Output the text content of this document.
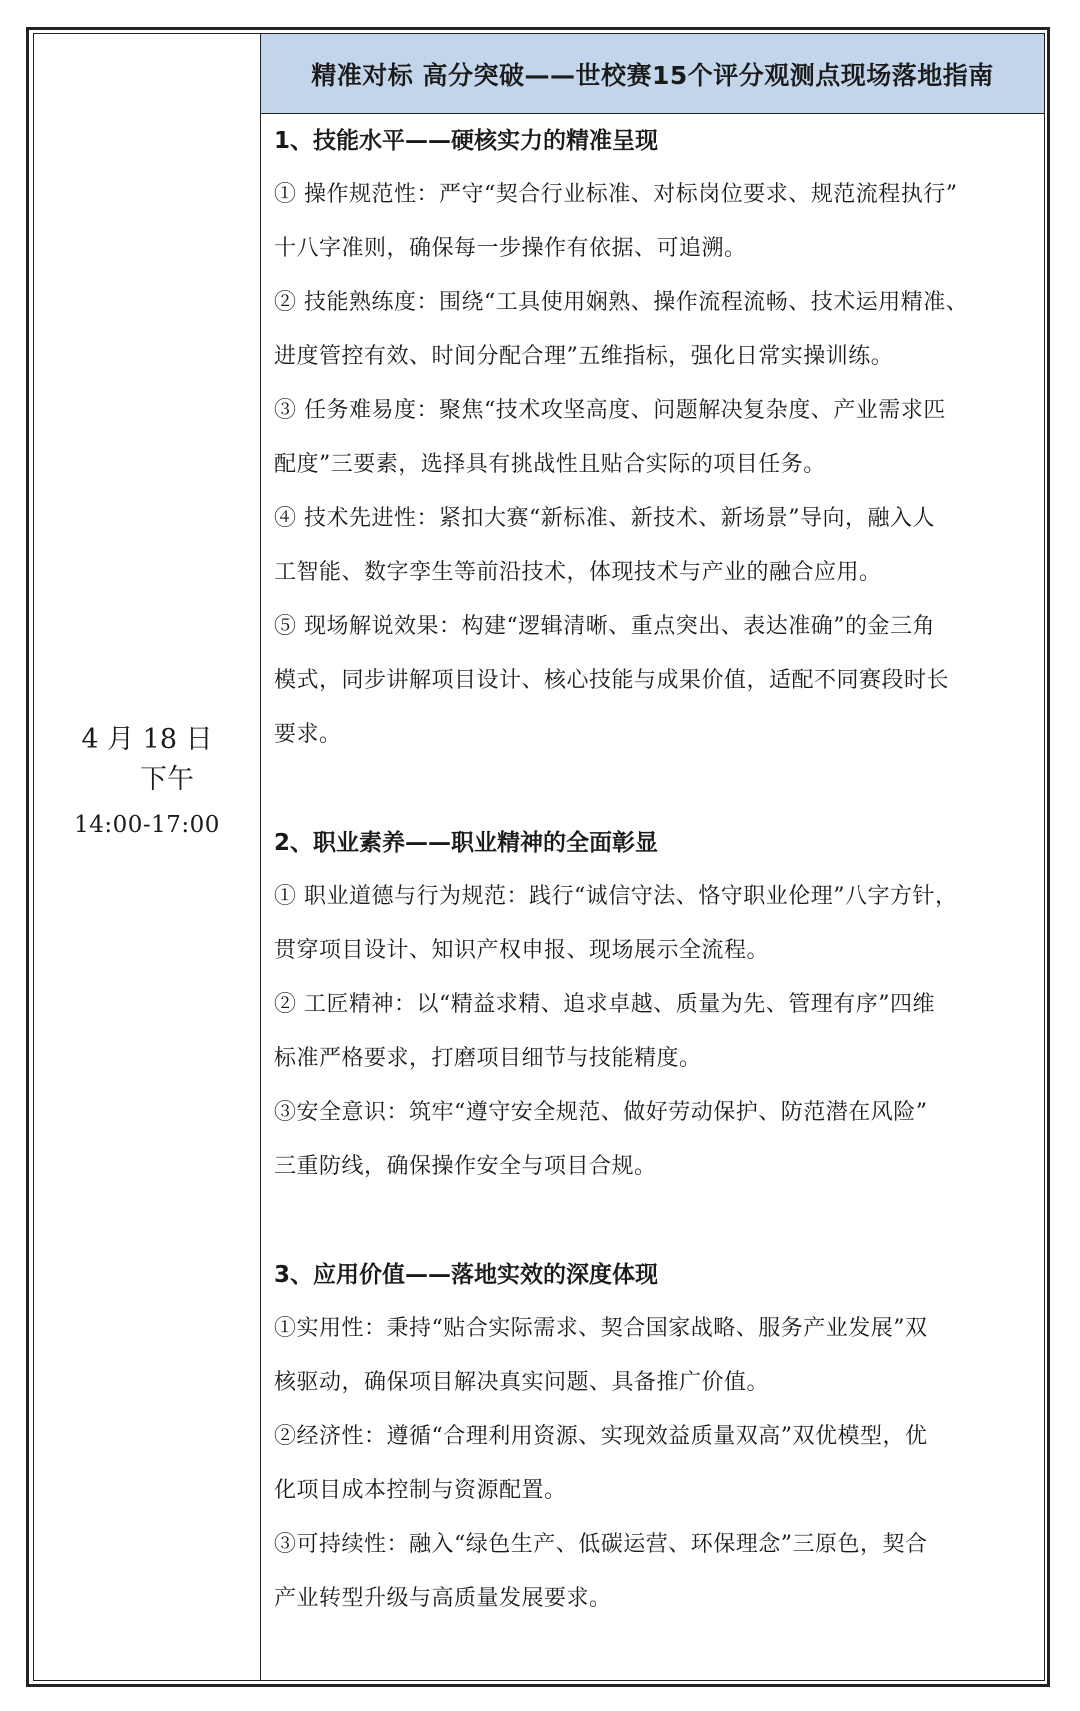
精准对标 高分突破——世校赛15个评分观测点现场落地指南
4 月 18 日
下午
14:00-17:00
1、技能水平——硬核实力的精准呈现
① 操作规范性：严守“契合行业标准、对标岗位要求、规范流程执行”
十八字准则，确保每一步操作有依据、可追溯。
② 技能熟练度：围绕“工具使用娴熟、操作流程流畅、技术运用精准、
进度管控有效、时间分配合理”五维指标，强化日常实操训练。
③ 任务难易度：聚焦“技术攻坚高度、问题解决复杂度、产业需求匹
配度”三要素，选择具有挑战性且贴合实际的项目任务。
④ 技术先进性：紧扣大赛“新标准、新技术、新场景”导向，融入人
工智能、数字孪生等前沿技术，体现技术与产业的融合应用。
⑤ 现场解说效果：构建“逻辑清晰、重点突出、表达准确”的金三角
模式，同步讲解项目设计、核心技能与成果价值，适配不同赛段时长
要求。
2、职业素养——职业精神的全面彰显
① 职业道德与行为规范：践行“诚信守法、恪守职业伦理”八字方针，
贯穿项目设计、知识产权申报、现场展示全流程。
② 工匠精神：以“精益求精、追求卓越、质量为先、管理有序”四维
标准严格要求，打磨项目细节与技能精度。
③安全意识：筑牢“遵守安全规范、做好劳动保护、防范潜在风险”
三重防线，确保操作安全与项目合规。
3、应用价值——落地实效的深度体现
①实用性：秉持“贴合实际需求、契合国家战略、服务产业发展”双
核驱动，确保项目解决真实问题、具备推广价值。
②经济性：遵循“合理利用资源、实现效益质量双高”双优模型，优
化项目成本控制与资源配置。
③可持续性：融入“绿色生产、低碳运营、环保理念”三原色，契合
产业转型升级与高质量发展要求。
